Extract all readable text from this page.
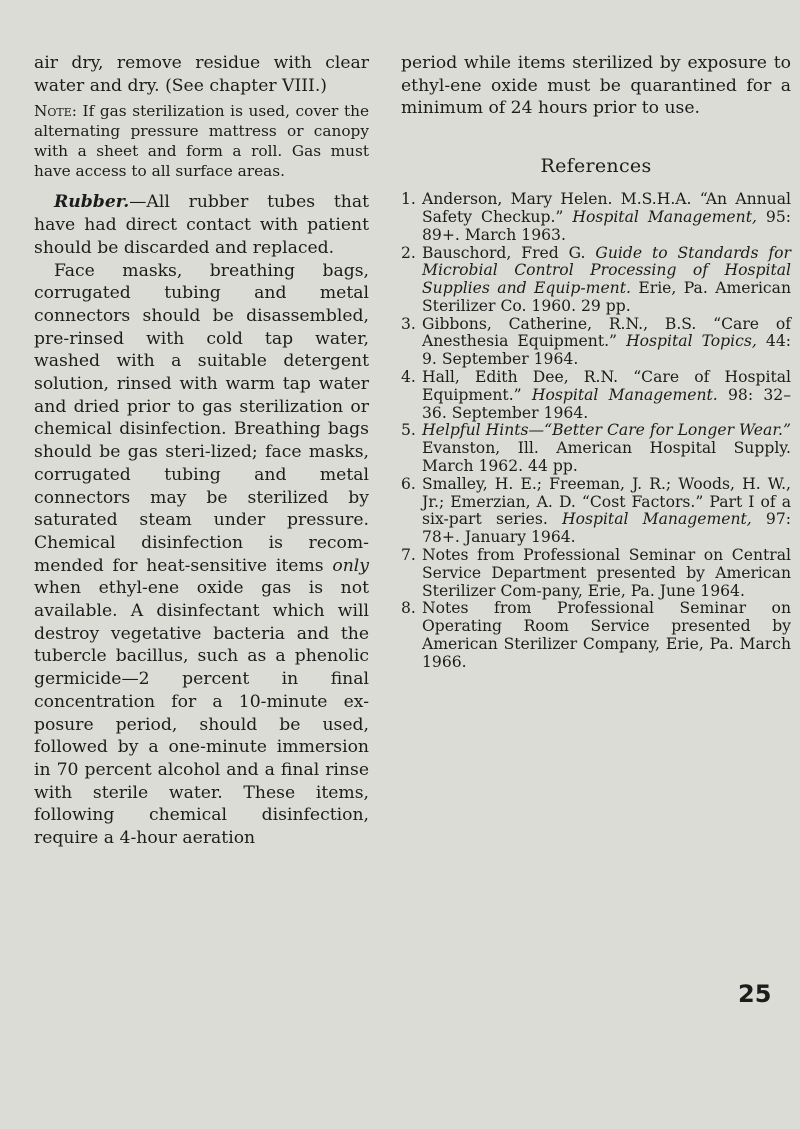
air dry, remove residue with clear water and dry. (See chapter VIII.)

Note: If gas sterilization is used, cover the alternating pressure mattress or canopy with a sheet and form a roll. Gas must have access to all surface areas.

Rubber.—All rubber tubes that have had direct contact with patient should be discarded and replaced.

Face masks, breathing bags, corrugated tubing and metal connectors should be disassembled, pre-rinsed with cold tap water, washed with a suitable detergent solution, rinsed with warm tap water and dried prior to gas sterilization or chemical disinfection. Breathing bags should be gas steri-lized; face masks, corrugated tubing and metal connectors may be sterilized by saturated steam under pressure. Chemical disinfection is recom-mended for heat-sensitive items only when ethyl-ene oxide gas is not available. A disinfectant which will destroy vegetative bacteria and the tubercle bacillus, such as a phenolic germicide—2 percent in final concentration for a 10-minute ex-posure period, should be used, followed by a one-minute immersion in 70 percent alcohol and a final rinse with sterile water. These items, following chemical disinfection, require a 4-hour aeration

period while items sterilized by exposure to ethyl-ene oxide must be quarantined for a minimum of 24 hours prior to use.

References
1. Anderson, Mary Helen. M.S.H.A. “An Annual Safety Checkup.” Hospital Management, 95: 89+. March 1963.
2. Bauschord, Fred G. Guide to Standards for Microbial Control Processing of Hospital Supplies and Equip-ment. Erie, Pa. American Sterilizer Co. 1960. 29 pp.
3. Gibbons, Catherine, R.N., B.S. “Care of Anesthesia Equipment.” Hospital Topics, 44: 9. September 1964.
4. Hall, Edith Dee, R.N. “Care of Hospital Equipment.” Hospital Management. 98: 32–36. September 1964.
5. Helpful Hints—“Better Care for Longer Wear.” Evanston, Ill. American Hospital Supply. March 1962. 44 pp.
6. Smalley, H. E.; Freeman, J. R.; Woods, H. W., Jr.; Emerzian, A. D. “Cost Factors.” Part I of a six-part series. Hospital Management, 97: 78+. January 1964.
7. Notes from Professional Seminar on Central Service Department presented by American Sterilizer Com-pany, Erie, Pa. June 1964.
8. Notes from Professional Seminar on Operating Room Service presented by American Sterilizer Company, Erie, Pa. March 1966.
25
